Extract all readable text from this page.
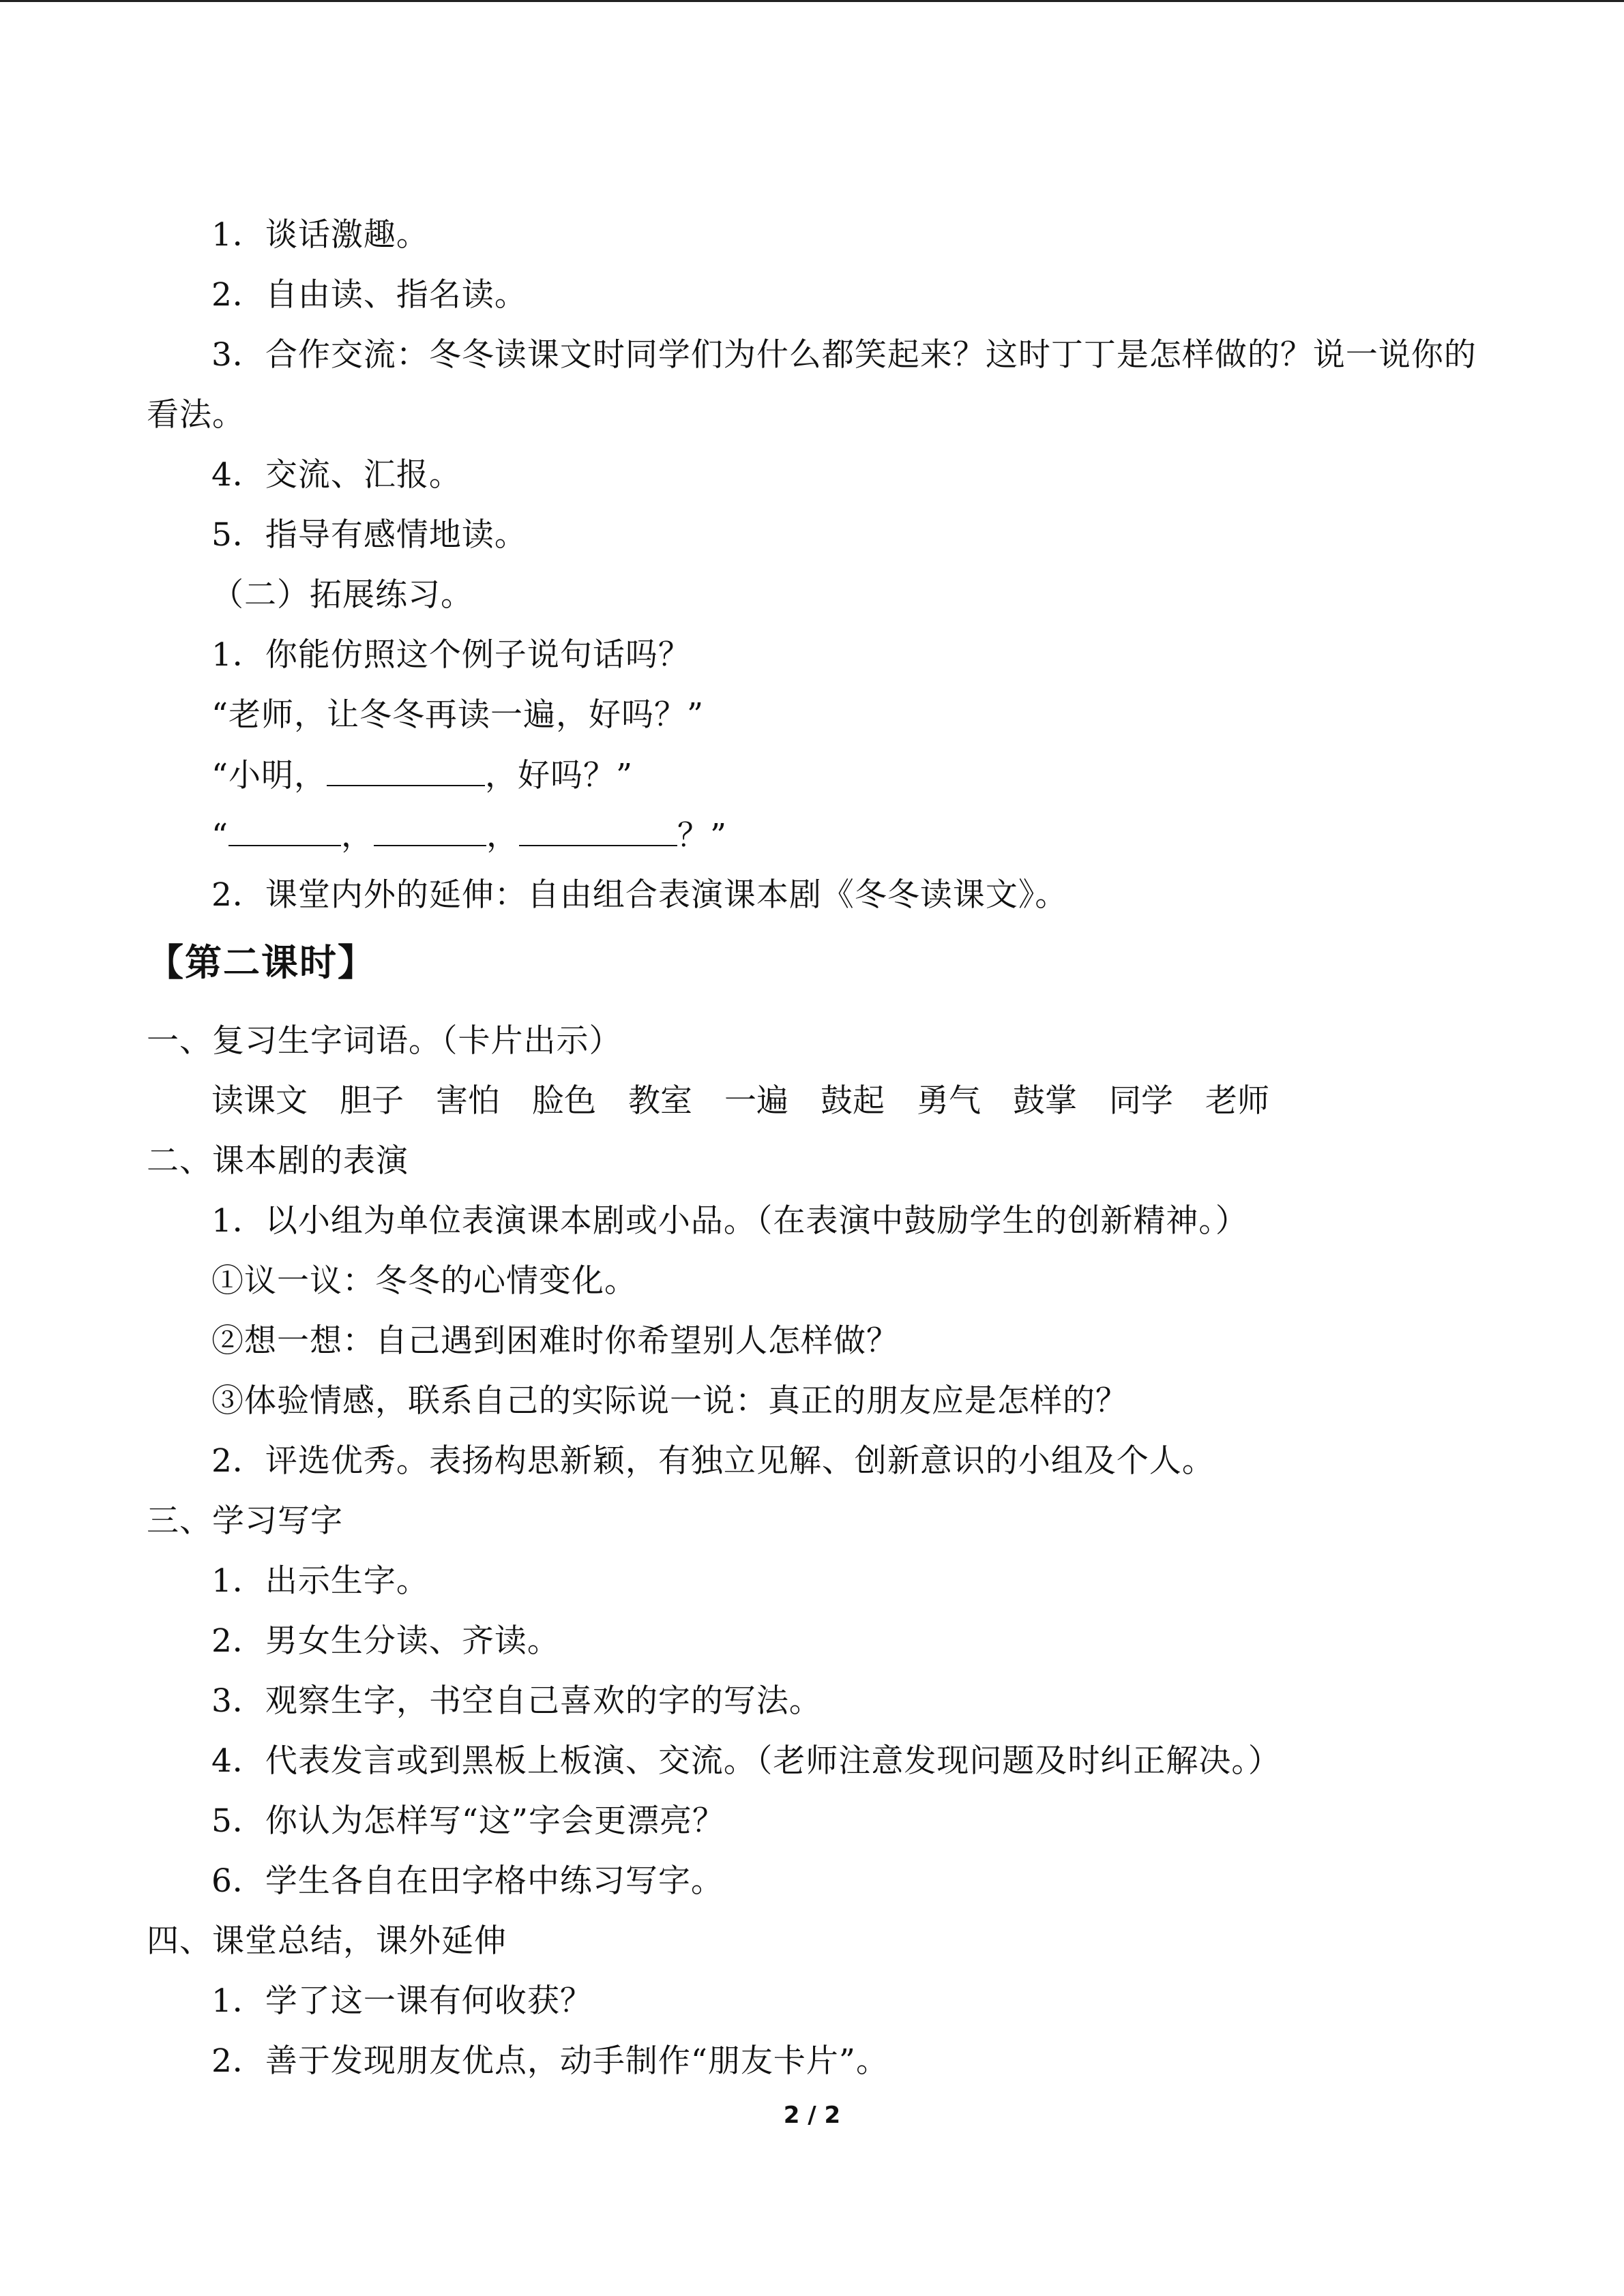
1．谈话激趣。
2．自由读、指名读。
3．合作交流：冬冬读课文时同学们为什么都笑起来？这时丁丁是怎样做的？说一说你的
看法。
4．交流、汇报。
5．指导有感情地读。
（二）拓展练习。
1．你能仿照这个例子说句话吗？
“老师，让冬冬再读一遍，好吗？”
“小明，	，好吗？”
“	，	，	？”
2．课堂内外的延伸：自由组合表演课本剧《冬冬读课文》。
【第二课时】
一、复习生字词语。（卡片出示）
读课文 胆子 害怕 脸色 教室 一遍 鼓起 勇气 鼓掌 同学 老师
二、课本剧的表演
1．以小组为单位表演课本剧或小品。（在表演中鼓励学生的创新精神。）
①议一议：冬冬的心情变化。
②想一想：自己遇到困难时你希望别人怎样做？
③体验情感，联系自己的实际说一说：真正的朋友应是怎样的？
2．评选优秀。表扬构思新颖，有独立见解、创新意识的小组及个人。
三、学习写字
1．出示生字。
2．男女生分读、齐读。
3．观察生字，书空自己喜欢的字的写法。
4．代表发言或到黑板上板演、交流。（老师注意发现问题及时纠正解决。）
5．你认为怎样写“这”字会更漂亮？
6．学生各自在田字格中练习写字。
四、课堂总结，课外延伸
1．学了这一课有何收获？
2．善于发现朋友优点，动手制作“朋友卡片”。
2 / 2
